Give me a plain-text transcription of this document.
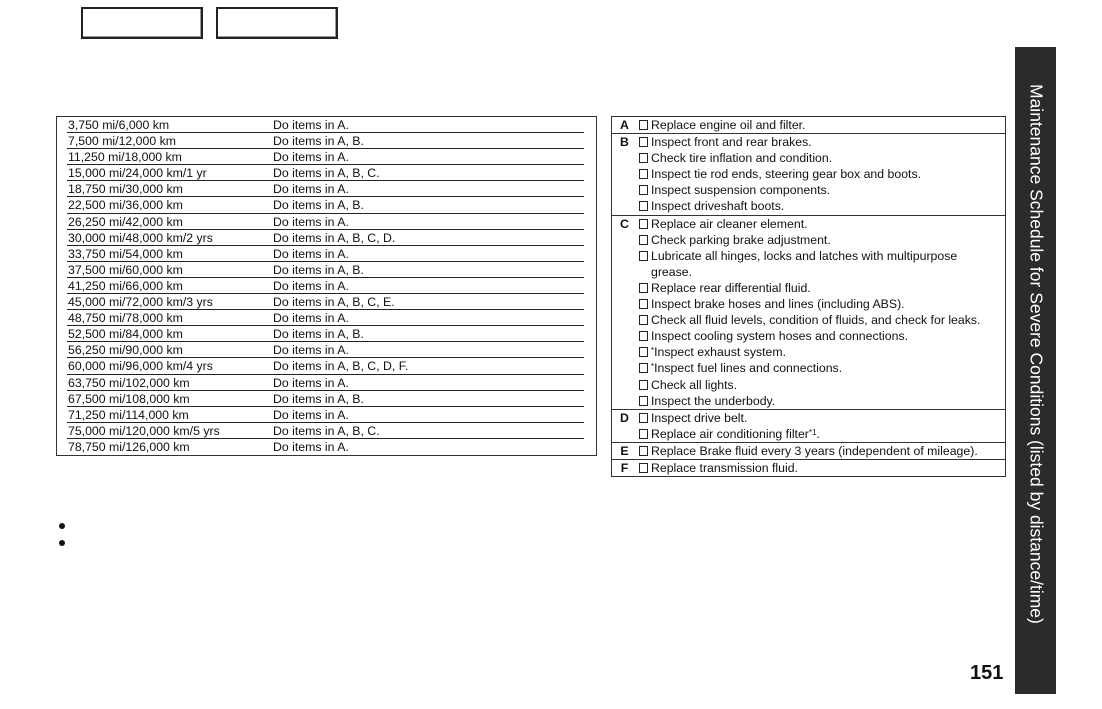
3,750 mi/6,000 km	Do items in A.
7,500 mi/12,000 km	Do items in A, B.
11,250 mi/18,000 km	Do items in A.
15,000 mi/24,000 km/1 yr	Do items in A, B, C.
18,750 mi/30,000 km	Do items in A.
22,500 mi/36,000 km	Do items in A, B.
26,250 mi/42,000 km	Do items in A.
30,000 mi/48,000 km/2 yrs	Do items in A, B, C, D.
33,750 mi/54,000 km	Do items in A.
37,500 mi/60,000 km	Do items in A, B.
41,250 mi/66,000 km	Do items in A.
45,000 mi/72,000 km/3 yrs	Do items in A, B, C, E.
48,750 mi/78,000 km	Do items in A.
52,500 mi/84,000 km	Do items in A, B.
56,250 mi/90,000 km	Do items in A.
60,000 mi/96,000 km/4 yrs	Do items in A, B, C, D, F.
63,750 mi/102,000 km	Do items in A.
67,500 mi/108,000 km	Do items in A, B.
71,250 mi/114,000 km	Do items in A.
75,000 mi/120,000 km/5 yrs	Do items in A, B, C.
78,750 mi/126,000 km	Do items in A.
A	Replace engine oil and filter.
B	Inspect front and rear brakes.
Check tire inflation and condition.
Inspect tie rod ends, steering gear box and boots.
Inspect suspension components.
Inspect driveshaft boots.
C	Replace air cleaner element.
Check parking brake adjustment.
Lubricate all hinges, locks and latches with multipurpose grease.
Replace rear differential fluid.
Inspect brake hoses and lines (including ABS).
Check all fluid levels, condition of fluids, and check for leaks.
Inspect cooling system hoses and connections.
*Inspect exhaust system.
*Inspect fuel lines and connections.
Check all lights.
Inspect the underbody.
D	Inspect drive belt.
Replace air conditioning filter$^{*1}$.
E	Replace Brake fluid every 3 years (independent of mileage).
F	Replace transmission fluid.	Maintenance Schedule for Severe Conditions (listed by distance/time)
151
